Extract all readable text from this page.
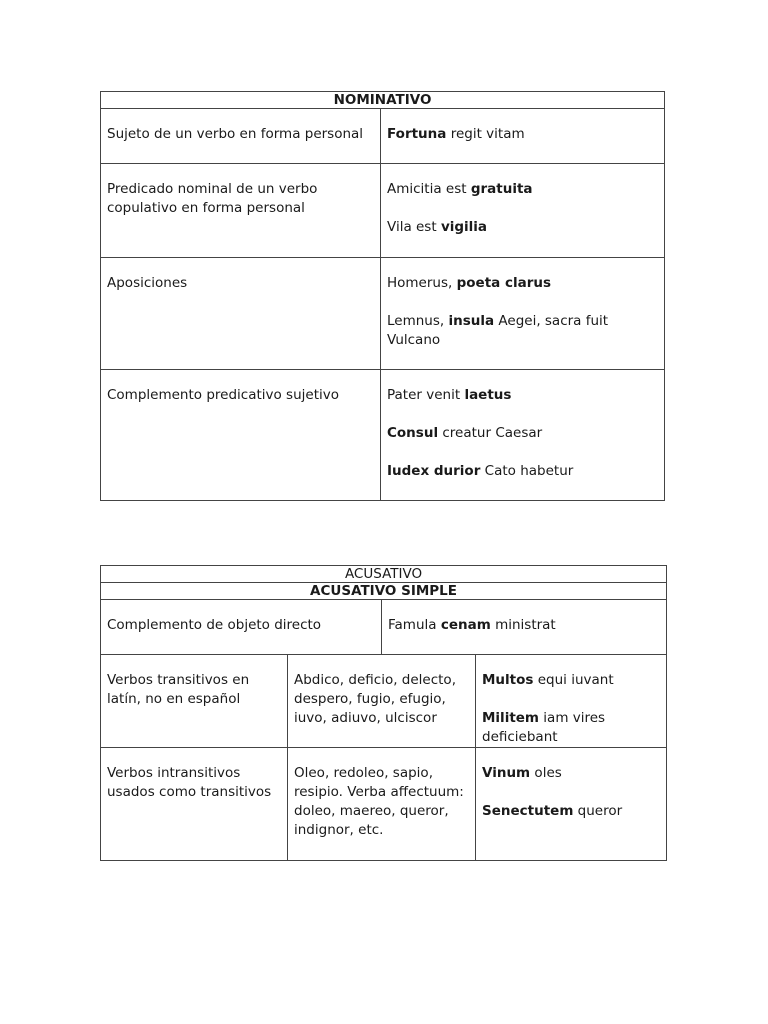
NOMINATIVO	
Sujeto de un verbo en forma personal	Fortuna regit vitam

Predicado nominal de un verbo copulativo en forma personal	Amicitia est gratuita
Vila est vigilia

Aposiciones	Homerus, poeta clarus
Lemnus, insula Aegei, sacra fuit Vulcano

Complemento predicativo sujetivo	Pater venit laetus
Consul creatur Caesar
Iudex durior Cato habetur
ACUSATIVO			
ACUSATIVO SIMPLE			
Complemento de objeto directo		Famula cenam ministrat	

Verbos transitivos en latín, no en español	Abdico, deficio, delecto, despero, fugio, efugio, iuvo, adiuvo, ulciscor		Multos equi iuvant
Militem iam vires deficiebant

Verbos intransitivos usados como transitivos	Oleo, redoleo, sapio, resipio. Verba affectuum: doleo, maereo, queror, indignor, etc.		Vinum oles
Senectutem queror
